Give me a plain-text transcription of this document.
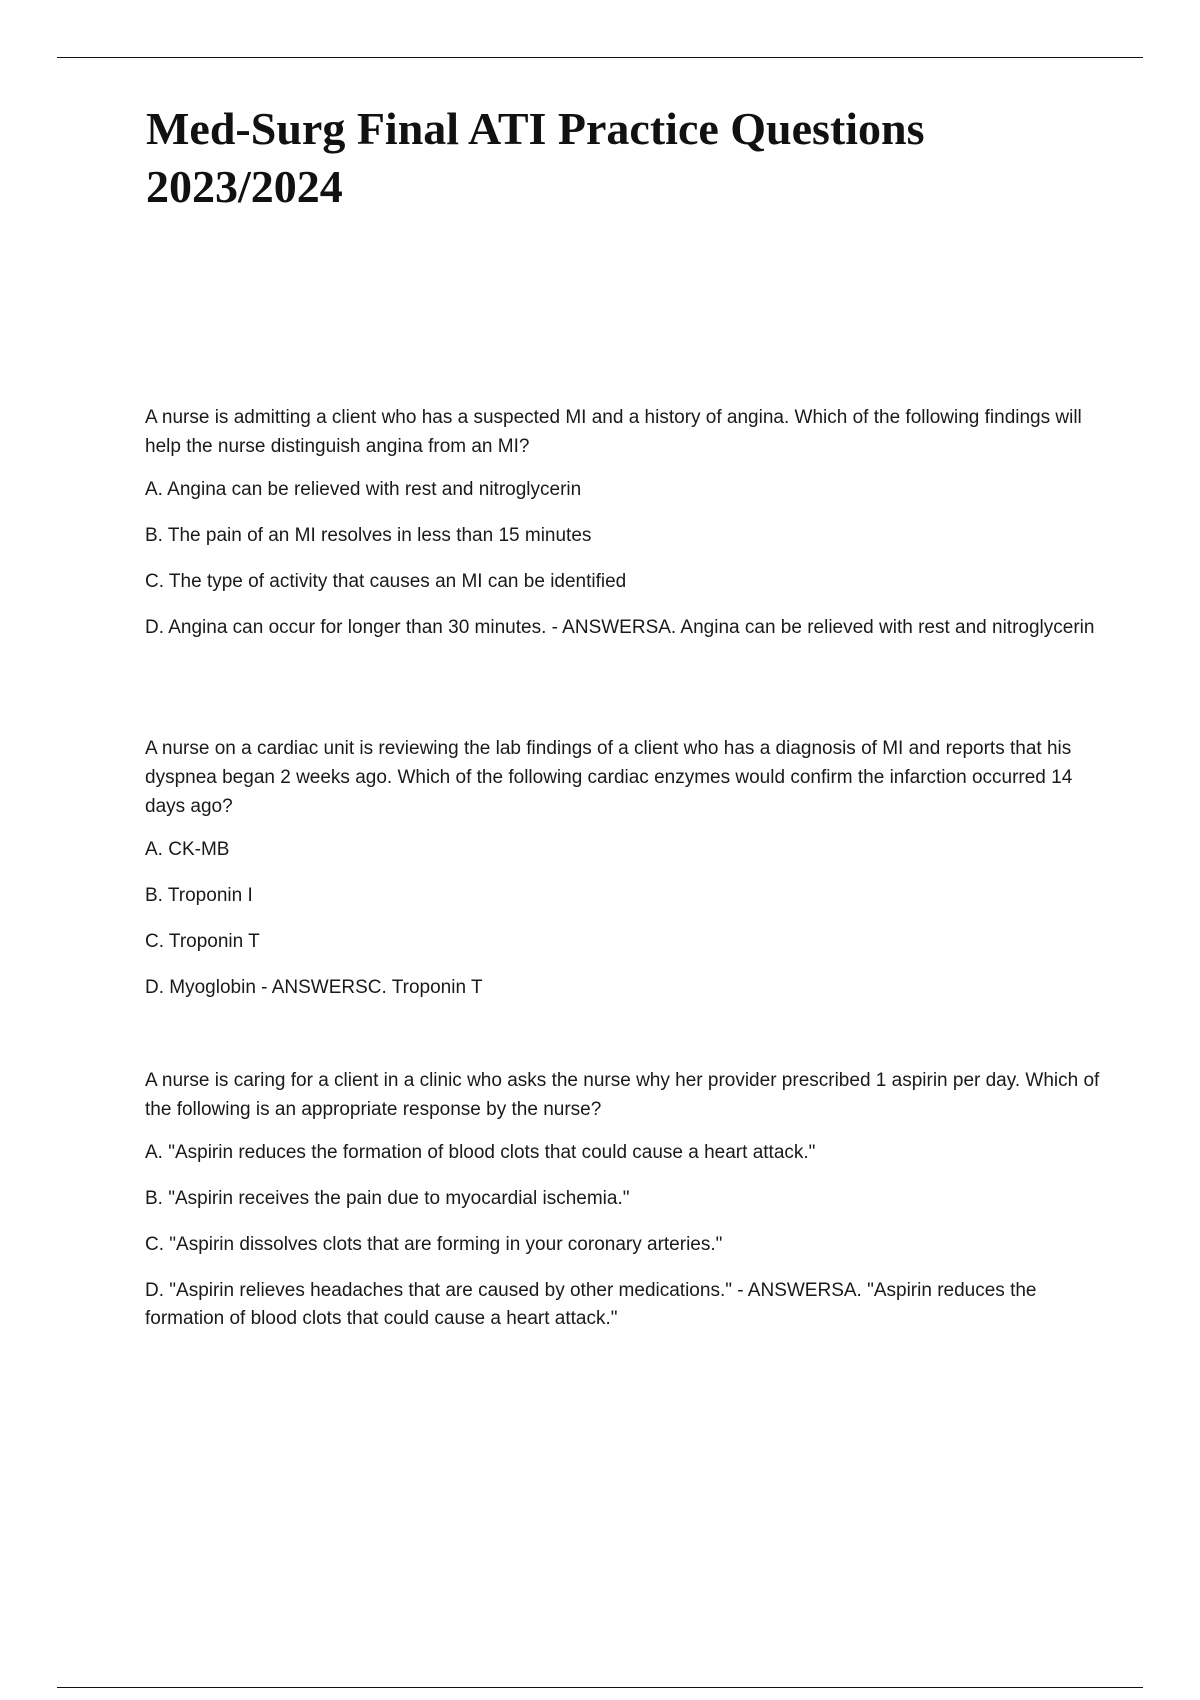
Med-Surg Final ATI Practice Questions
2023/2024

A nurse is admitting a client who has a suspected MI and a history of angina. Which of the following findings will help the nurse distinguish angina from an MI?

A. Angina can be relieved with rest and nitroglycerin

B. The pain of an MI resolves in less than 15 minutes

C. The type of activity that causes an MI can be identified

D. Angina can occur for longer than 30 minutes. - ANSWERSA. Angina can be relieved with rest and nitroglycerin

A nurse on a cardiac unit is reviewing the lab findings of a client who has a diagnosis of MI and reports that his dyspnea began 2 weeks ago. Which of the following cardiac enzymes would confirm the infarction occurred 14 days ago?

A. CK-MB

B. Troponin I

C. Troponin T

D. Myoglobin - ANSWERSC. Troponin T

A nurse is caring for a client in a clinic who asks the nurse why her provider prescribed 1 aspirin per day. Which of the following is an appropriate response by the nurse?

A. "Aspirin reduces the formation of blood clots that could cause a heart attack."

B. "Aspirin receives the pain due to myocardial ischemia."

C. "Aspirin dissolves clots that are forming in your coronary arteries."

D. "Aspirin relieves headaches that are caused by other medications." - ANSWERSA. "Aspirin reduces the formation of blood clots that could cause a heart attack."
